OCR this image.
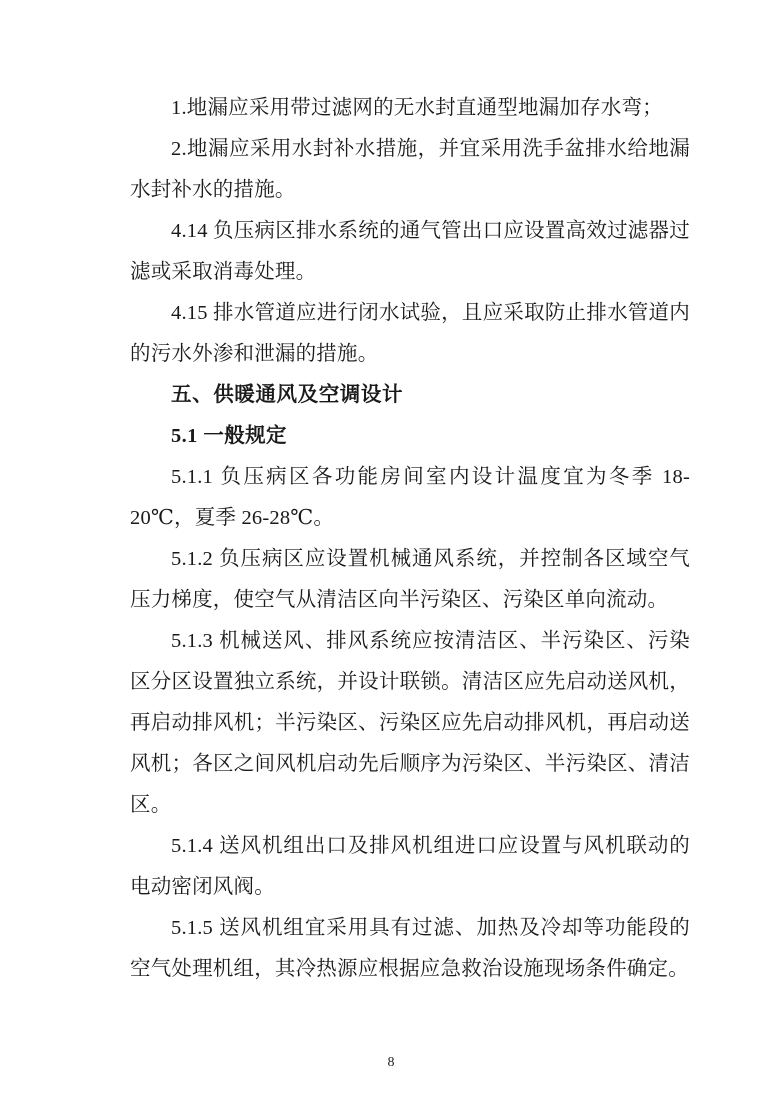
1.地漏应采用带过滤网的无水封直通型地漏加存水弯；

2.地漏应采用水封补水措施，并宜采用洗手盆排水给地漏水封补水的措施。

4.14 负压病区排水系统的通气管出口应设置高效过滤器过滤或采取消毒处理。

4.15 排水管道应进行闭水试验，且应采取防止排水管道内的污水外渗和泄漏的措施。

五、供暖通风及空调设计

5.1 一般规定

5.1.1 负压病区各功能房间室内设计温度宜为冬季 18-20℃，夏季 26-28℃。

5.1.2 负压病区应设置机械通风系统，并控制各区域空气压力梯度，使空气从清洁区向半污染区、污染区单向流动。

5.1.3 机械送风、排风系统应按清洁区、半污染区、污染区分区设置独立系统，并设计联锁。清洁区应先启动送风机，再启动排风机；半污染区、污染区应先启动排风机，再启动送风机；各区之间风机启动先后顺序为污染区、半污染区、清洁区。

5.1.4 送风机组出口及排风机组进口应设置与风机联动的电动密闭风阀。

5.1.5 送风机组宜采用具有过滤、加热及冷却等功能段的空气处理机组，其冷热源应根据应急救治设施现场条件确定。

8
